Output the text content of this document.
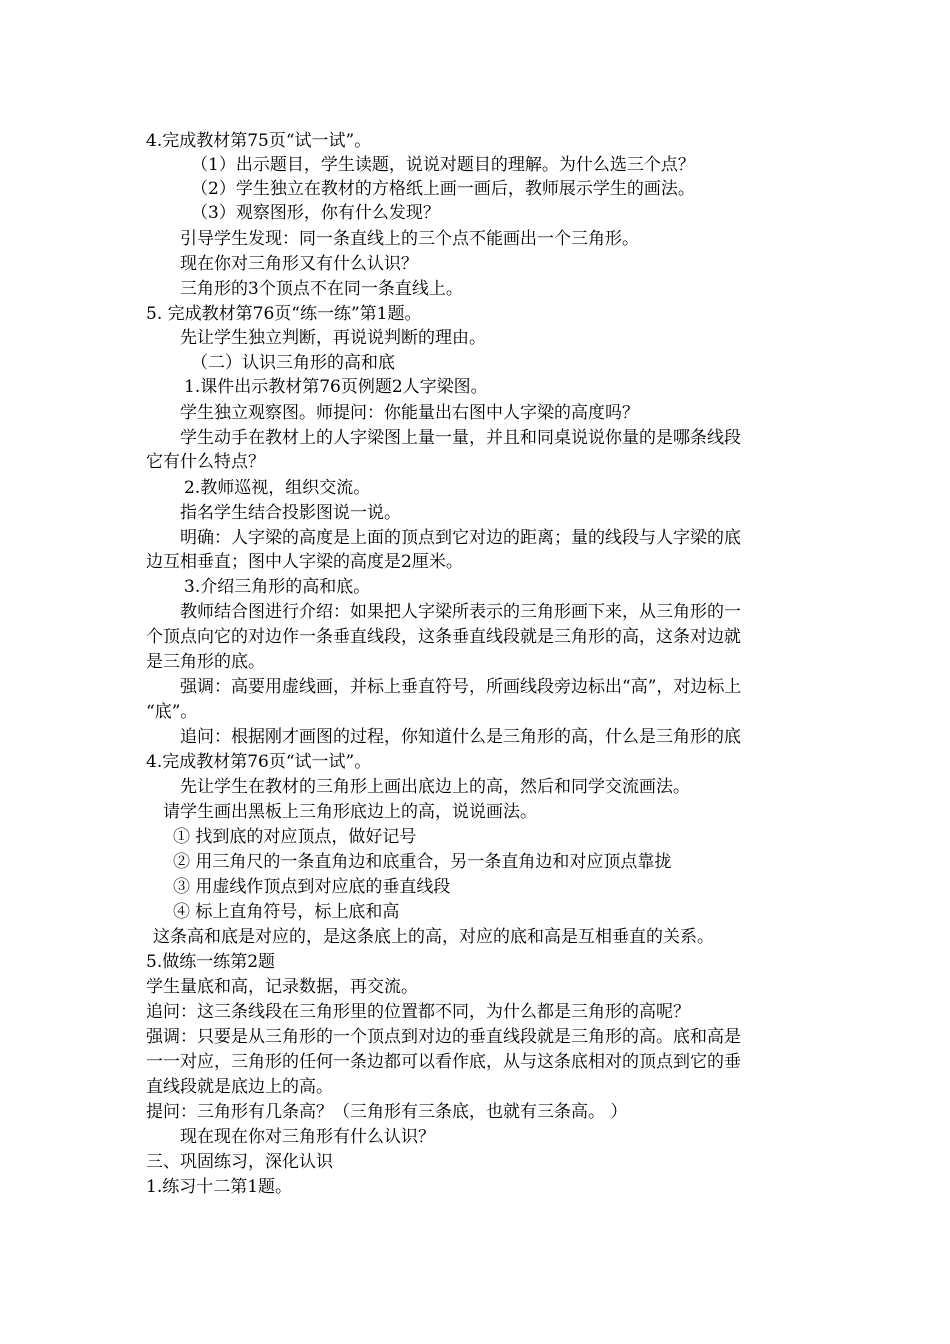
4.完成教材第75页“试一试”。
（1）出示题目，学生读题，说说对题目的理解。为什么选三个点？
（2）学生独立在教材的方格纸上画一画后，教师展示学生的画法。
（3）观察图形，你有什么发现？
引导学生发现：同一条直线上的三个点不能画出一个三角形。
现在你对三角形又有什么认识？
三角形的3个顶点不在同一条直线上。
5. 完成教材第76页“练一练”第1题。
先让学生独立判断，再说说判断的理由。
（二）认识三角形的高和底
1.课件出示教材第76页例题2人字梁图。
学生独立观察图。师提问：你能量出右图中人字梁的高度吗？
学生动手在教材上的人字梁图上量一量，并且和同桌说说你量的是哪条线段
它有什么特点？
2.教师巡视，组织交流。
指名学生结合投影图说一说。
明确：人字梁的高度是上面的顶点到它对边的距离；量的线段与人字梁的底
边互相垂直；图中人字梁的高度是2厘米。
3.介绍三角形的高和底。
教师结合图进行介绍：如果把人字梁所表示的三角形画下来，从三角形的一
个顶点向它的对边作一条垂直线段，这条垂直线段就是三角形的高，这条对边就
是三角形的底。
强调：高要用虚线画，并标上垂直符号，所画线段旁边标出“高”，对边标上
“底”。
追问：根据刚才画图的过程，你知道什么是三角形的高，什么是三角形的底
4.完成教材第76页“试一试”。
先让学生在教材的三角形上画出底边上的高，然后和同学交流画法。
请学生画出黑板上三角形底边上的高，说说画法。
① 找到底的对应顶点，做好记号
② 用三角尺的一条直角边和底重合，另一条直角边和对应顶点靠拢
③ 用虚线作顶点到对应底的垂直线段
④ 标上直角符号，标上底和高
这条高和底是对应的，是这条底上的高，对应的底和高是互相垂直的关系。
5.做练一练第2题
学生量底和高，记录数据，再交流。
追问：这三条线段在三角形里的位置都不同，为什么都是三角形的高呢？
强调：只要是从三角形的一个顶点到对边的垂直线段就是三角形的高。底和高是
一一对应，三角形的任何一条边都可以看作底，从与这条底相对的顶点到它的垂
直线段就是底边上的高。
提问：三角形有几条高？（三角形有三条底，也就有三条高。 ）
现在现在你对三角形有什么认识？
三、巩固练习，深化认识
1.练习十二第1题。
